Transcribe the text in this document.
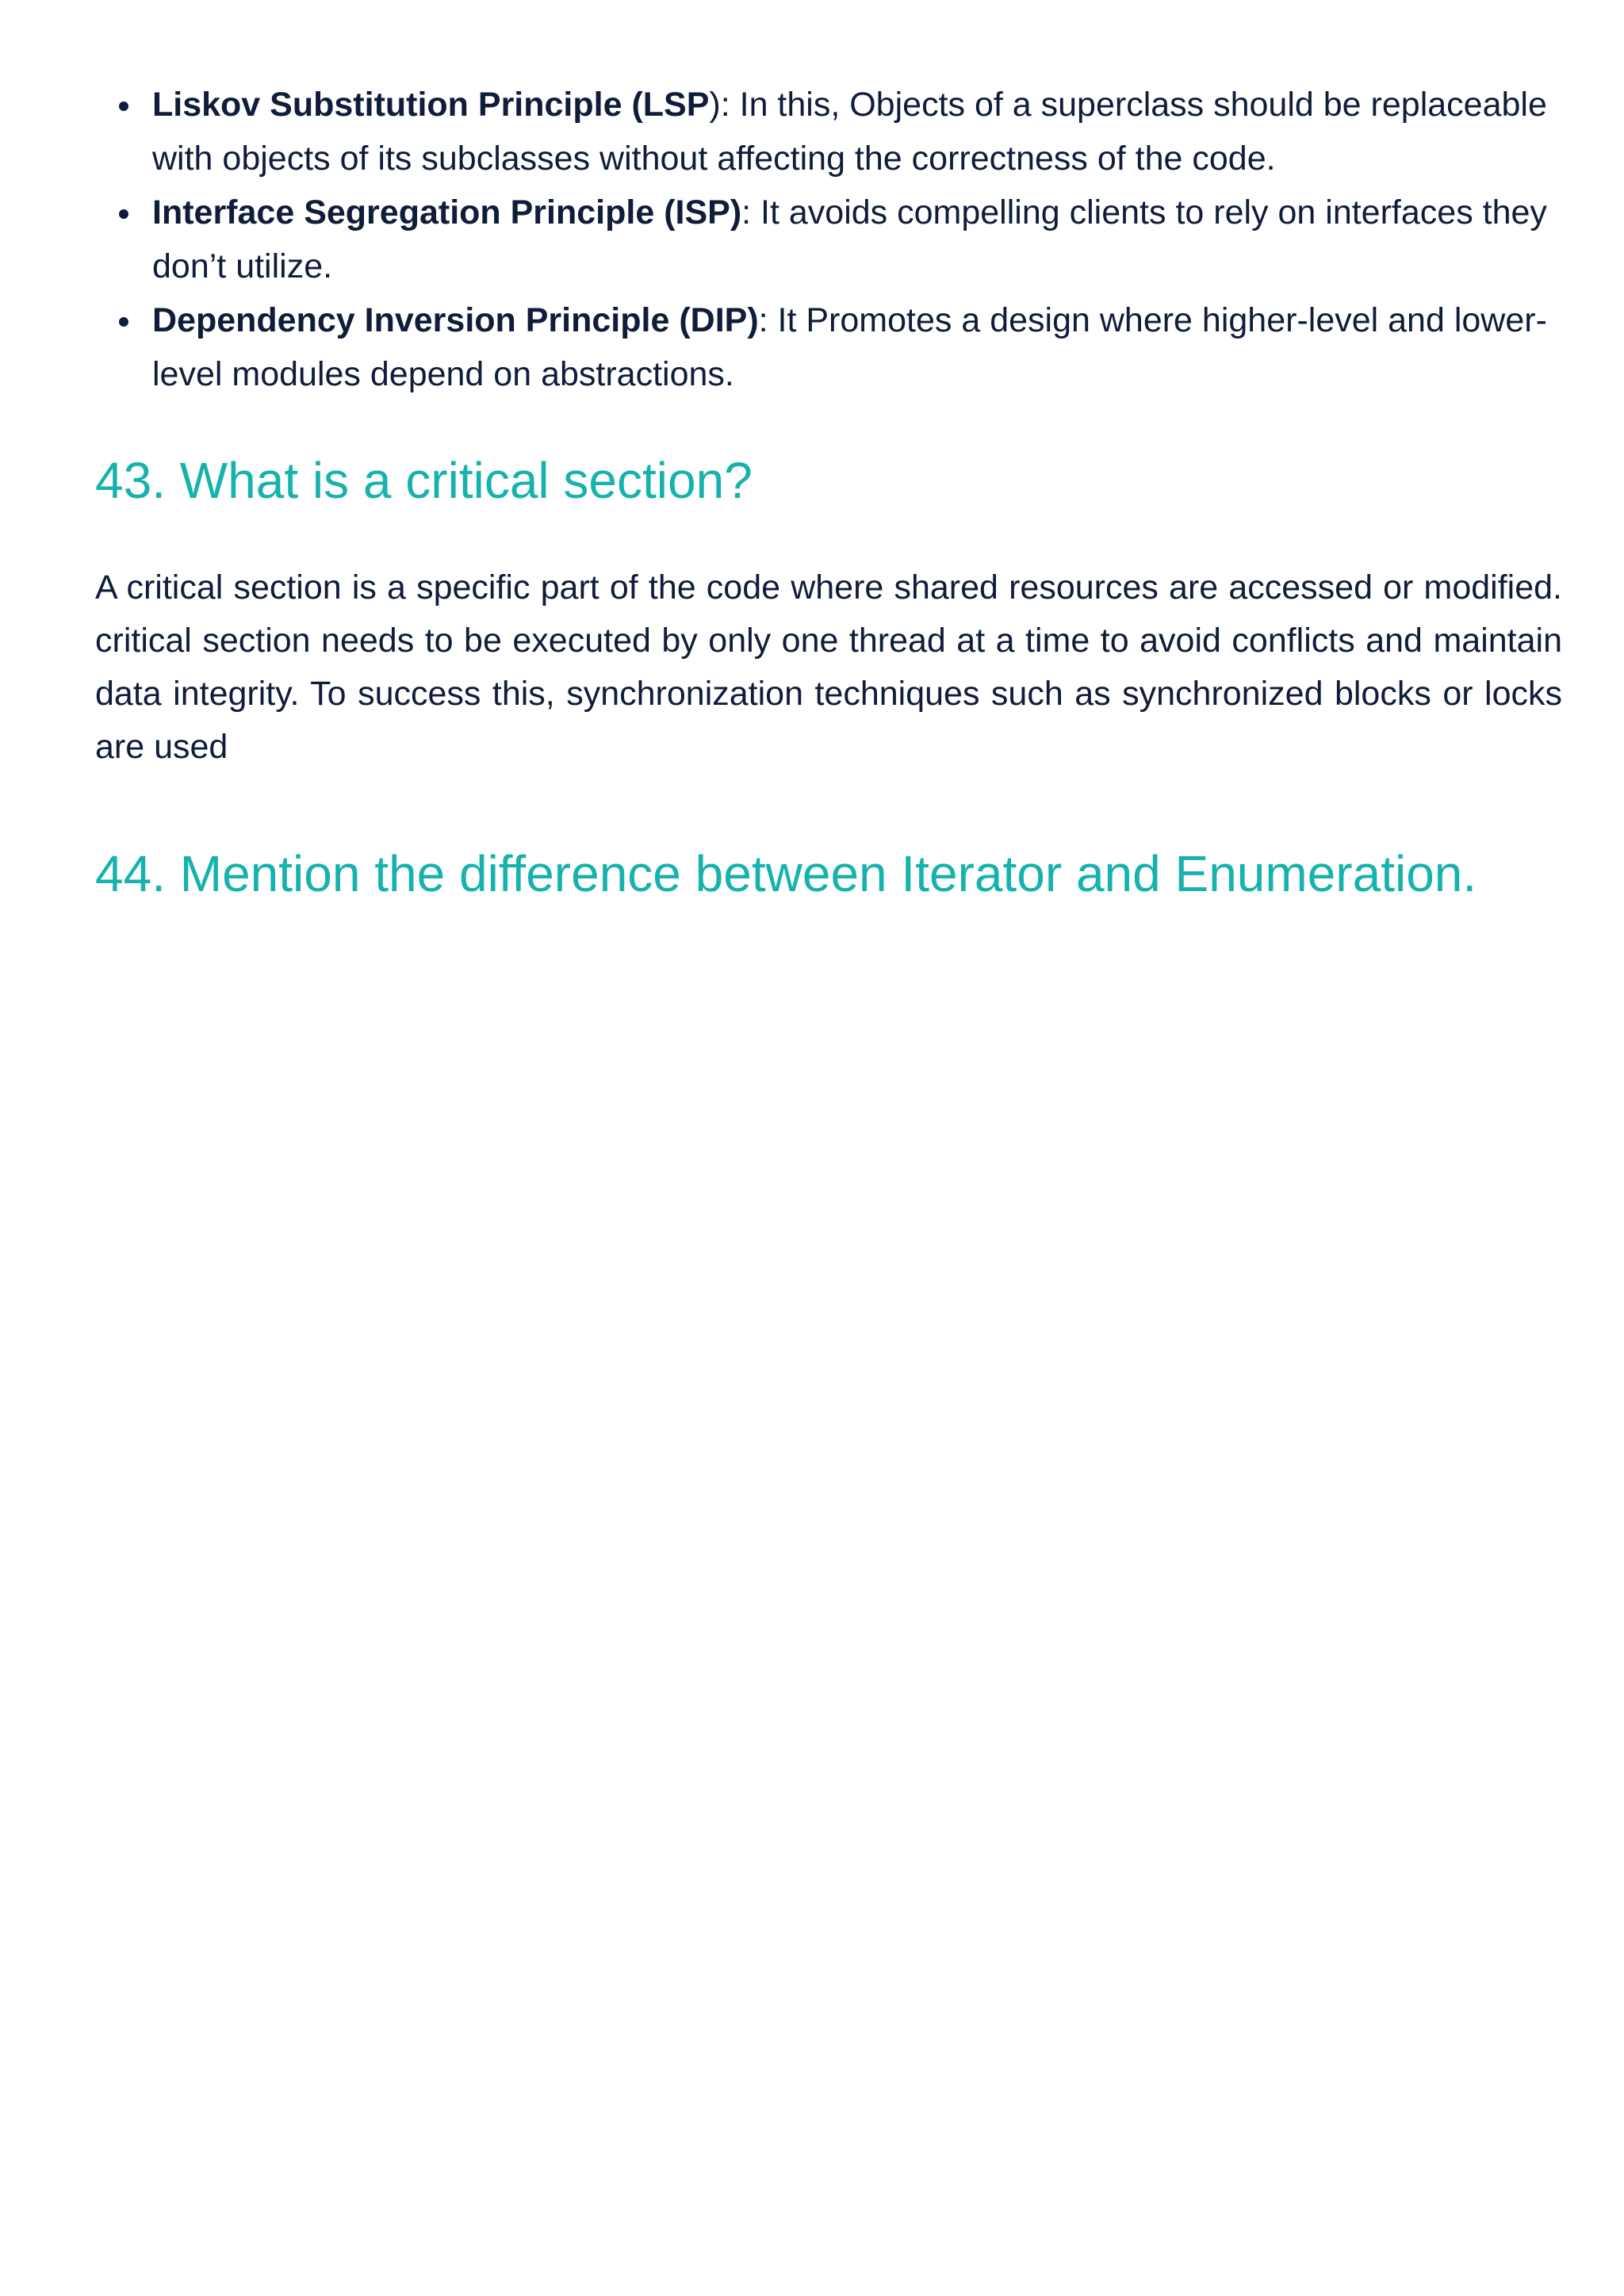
Liskov Substitution Principle (LSP): In this, Objects of a superclass should be replaceable with objects of its subclasses without affecting the correctness of the code.
Interface Segregation Principle (ISP): It avoids compelling clients to rely on interfaces they don’t utilize.
Dependency Inversion Principle (DIP): It Promotes a design where higher-level and lower-level modules depend on abstractions.
43. What is a critical section?

A critical section is a specific part of the code where shared resources are accessed or modified. critical section needs to be executed by only one thread at a time to avoid conflicts and maintain data integrity. To success this, synchronization techniques such as synchronized blocks or locks are used

44. Mention the difference between Iterator and Enumeration.
